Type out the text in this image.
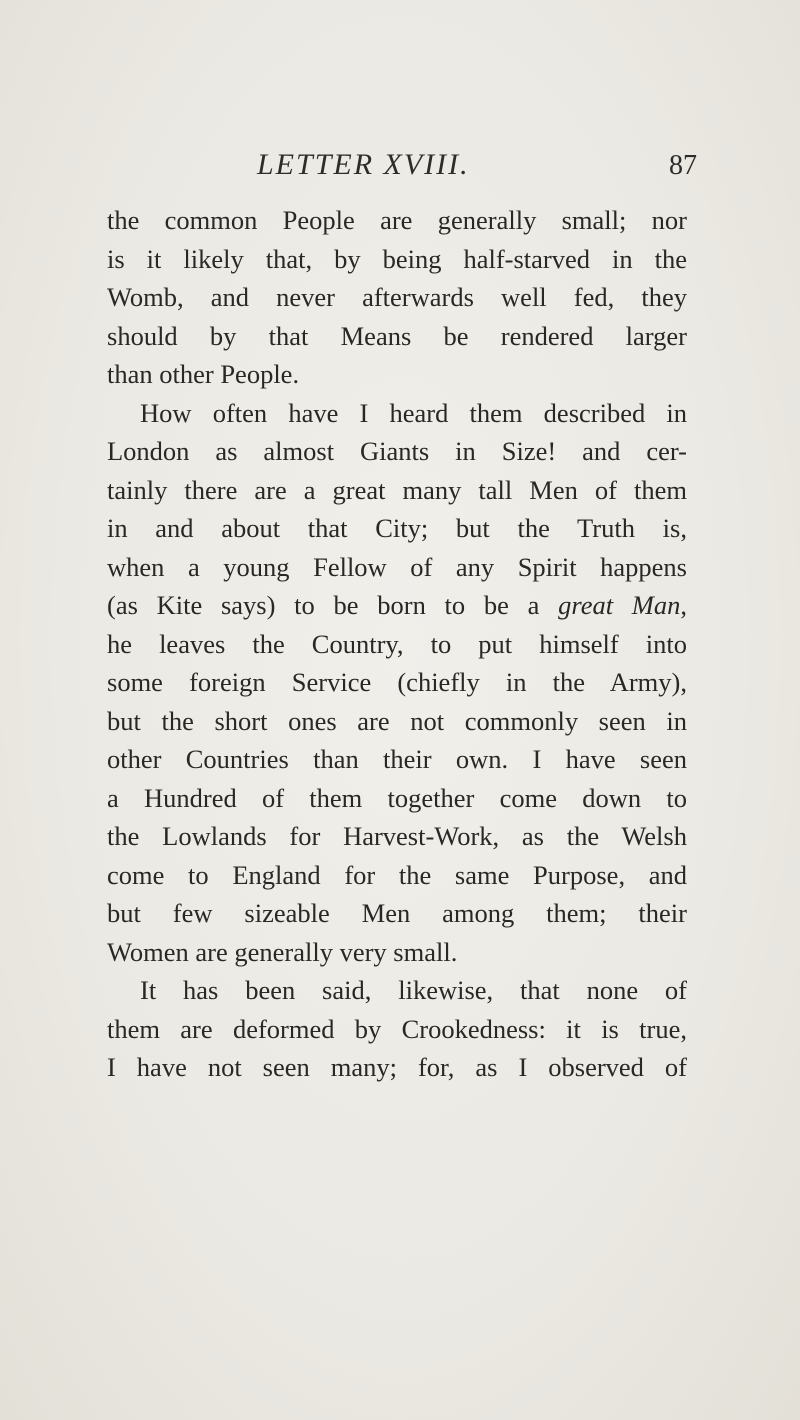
LETTER XVIII.	87
the common People are generally small; nor
is it likely that, by being half-starved in the
Womb, and never afterwards well fed, they
should by that Means be rendered larger
than other People.
How often have I heard them described in
London as almost Giants in Size! and cer-
tainly there are a great many tall Men of them
in and about that City; but the Truth is,
when a young Fellow of any Spirit happens
(as Kite says) to be born to be a great Man,
he leaves the Country, to put himself into
some foreign Service (chiefly in the Army),
but the short ones are not commonly seen in
other Countries than their own. I have seen
a Hundred of them together come down to
the Lowlands for Harvest-Work, as the Welsh
come to England for the same Purpose, and
but few sizeable Men among them; their
Women are generally very small.
It has been said, likewise, that none of
them are deformed by Crookedness: it is true,
I have not seen many; for, as I observed of
